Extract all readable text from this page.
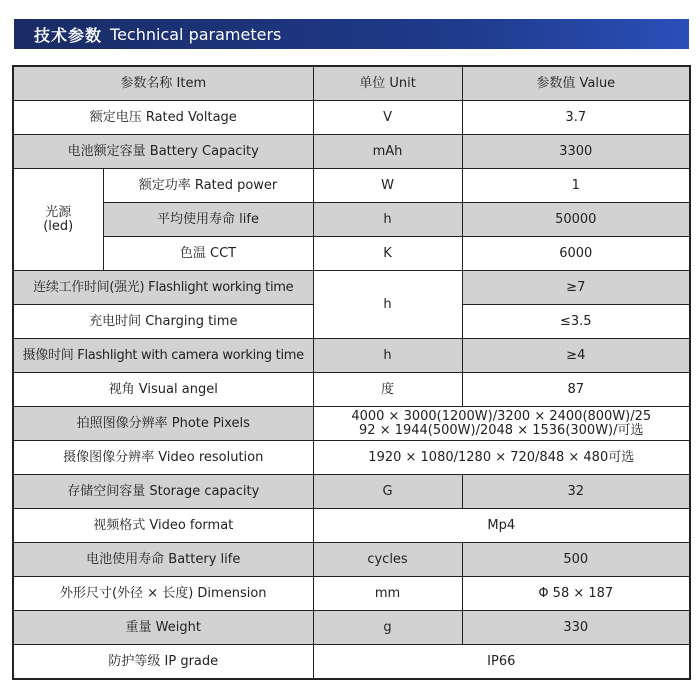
技术参数 Technical parameters
参数名称 Item		单位 Unit	参数值 Value
额定电压 Rated Voltage		V	3.7
电池额定容量 Battery Capacity		mAh	3300
光源
(led)	额定功率 Rated power	W	1
	平均使用寿命 life	h	50000
	色温 CCT	K	6000
连续工作时间(强光) Flashlight working time		h	≥7
充电时间 Charging time			≤3.5
摄像时间 Flashlight with camera working time		h	≥4
视角 Visual angel		度	87
拍照图像分辨率 Phote Pixels		4000 × 3000(1200W)/3200 × 2400(800W)/25
92 × 1944(500W)/2048 × 1536(300W)/可选	
摄像图像分辨率 Video resolution		1920 × 1080/1280 × 720/848 × 480可选	
存储空间容量 Storage capacity		G	32
视频格式 Video format		Mp4	
电池使用寿命 Battery life		cycles	500
外形尺寸(外径 × 长度) Dimension		mm	Φ 58 × 187
重量 Weight		g	330
防护等级 IP grade		IP66	
